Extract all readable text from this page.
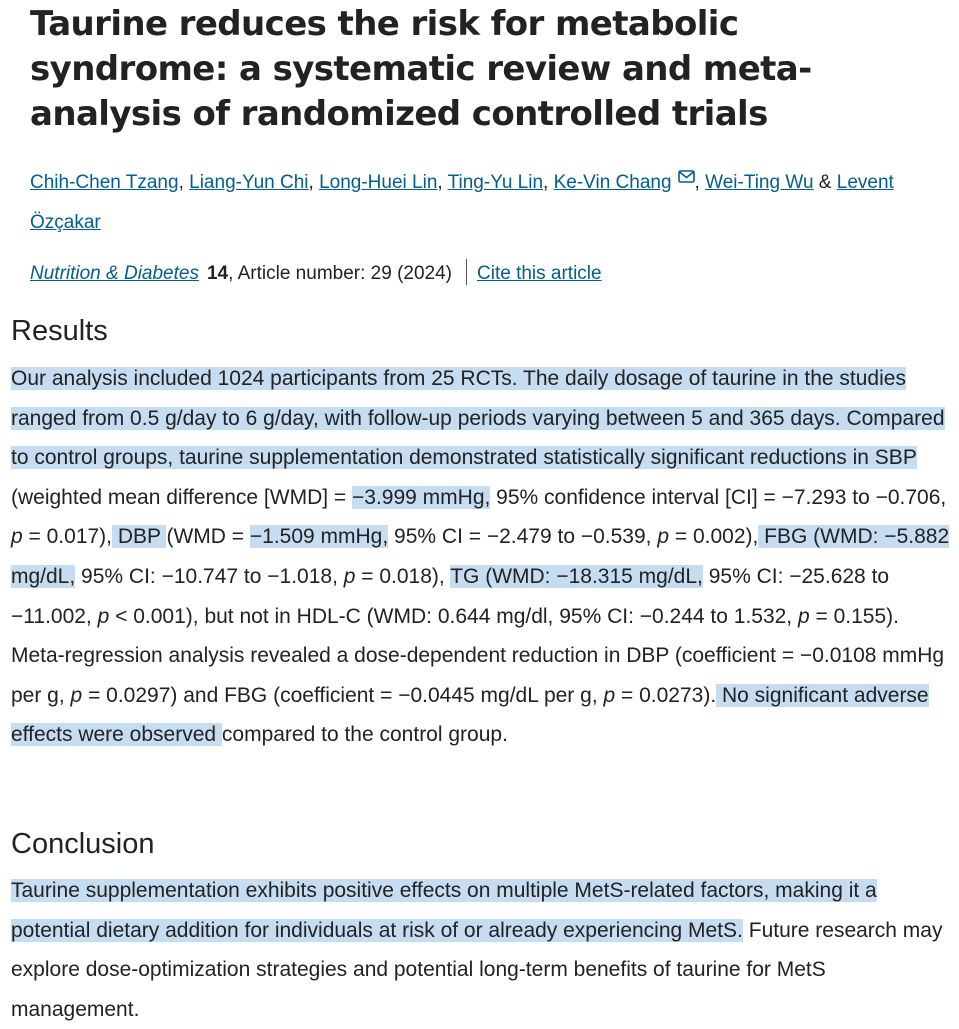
Taurine reduces the risk for metabolic syndrome: a systematic review and meta-analysis of randomized controlled trials
Chih-Chen Tzang, Liang-Yun Chi, Long-Huei Lin, Ting-Yu Lin, Ke-Vin Chang , Wei-Ting Wu & Levent Özçakar
Nutrition & Diabetes 14, Article number: 29 (2024) Cite this article
Results

Our analysis included 1024 participants from 25 RCTs. The daily dosage of taurine in the studies ranged from 0.5 g/day to 6 g/day, with follow-up periods varying between 5 and 365 days. Compared to control groups, taurine supplementation demonstrated statistically significant reductions in SBP (weighted mean difference [WMD] = −3.999 mmHg, 95% confidence interval [CI] = −7.293 to −0.706, p = 0.017), DBP (WMD = −1.509 mmHg, 95% CI = −2.479 to −0.539, p = 0.002), FBG (WMD: −5.882 mg/dL, 95% CI: −10.747 to −1.018, p = 0.018), TG (WMD: −18.315 mg/dL, 95% CI: −25.628 to −11.002, p < 0.001), but not in HDL-C (WMD: 0.644 mg/dl, 95% CI: −0.244 to 1.532, p = 0.155). Meta-regression analysis revealed a dose-dependent reduction in DBP (coefficient = −0.0108 mmHg per g, p = 0.0297) and FBG (coefficient = −0.0445 mg/dL per g, p = 0.0273). No significant adverse effects were observed compared to the control group.

Conclusion

Taurine supplementation exhibits positive effects on multiple MetS-related factors, making it a potential dietary addition for individuals at risk of or already experiencing MetS. Future research may explore dose-optimization strategies and potential long-term benefits of taurine for MetS management.
